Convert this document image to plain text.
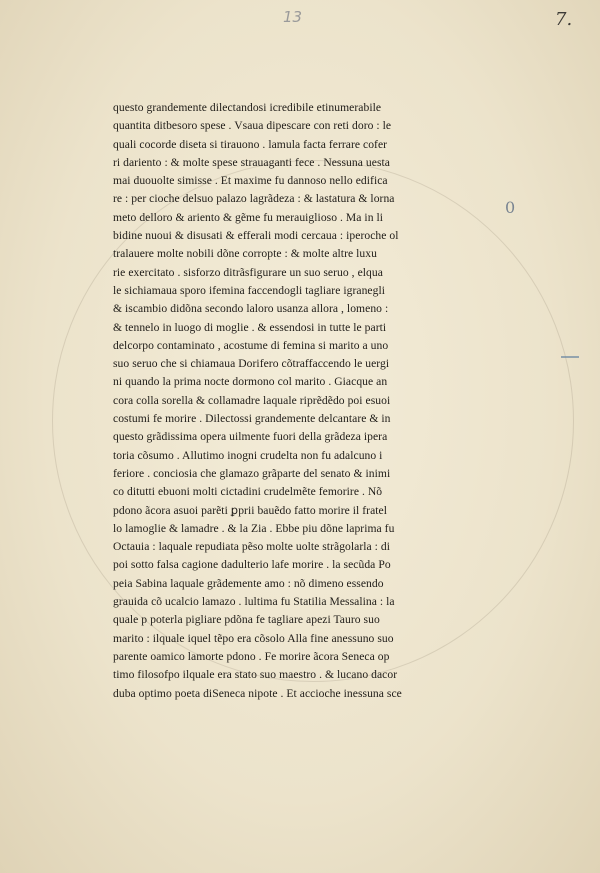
13	7.
0
questo grandemente dilectandosi icredibile etinumerabile
quantita ditbesoro spese . Vsaua dipescare con reti doro : le
quali cocorde diseta si tirauono . lamula facta ferrare cofer
ri dariento : & molte spese strauaganti fece . Nessuna uesta
mai duouolte simisse . Et maxime fu dannoso nello edifica
re : per cioche delsuo palazo lagrãdeza : & lastatura & lorna
meto delloro & ariento & gẽme fu merauiglioso . Ma in li
bidine nuoui & disusati & efferali modi cercaua : iperoche ol
tralauere molte nobili dõne corropte : & molte altre luxu
rie exercitato . sisforzo ditrãsfigurare un suo seruo , elqua
le sichiamaua sporo ifemina faccendogli tagliare igranegli
& iscambio didõna secondo laloro usanza allora , lomeno :
& tennelo in luogo di moglie . & essendosi in tutte le parti
delcorpo contaminato , acostume di femina si marito a uno
suo seruo che si chiamaua Dorifero cõtraffaccendo le uergi
ni quando la prima nocte dormono col marito . Giacque an
cora colla sorella & collamadre laquale riprẽdẽdo poi esuoi
costumi fe morire . Dilectossi grandemente delcantare & in
questo grãdissima opera uilmente fuori della grãdeza ipera
toria cõsumo . Allutimo inogni crudelta non fu adalcuno i
feriore . conciosia che glamazo grãparte del senato & inimi
co ditutti ebuoni molti cictadini crudelmẽte femorire . Nõ
pdono ãcora asuoi parẽti ꝑprii bauẽdo fatto morire il fratel
lo lamoglie & lamadre . & la Zia . Ebbe piu dõne laprima fu
Octauia : laquale repudiata pẽso molte uolte strãgolarla : di
poi sotto falsa cagione dadulterio lafe morire . la secũda Po
peia Sabina laquale grãdemente amo : nõ dimeno essendo
grauida cõ ucalcio lamazo . lultima fu Statilia Messalina : la
quale p poterla pigliare pdõna fe tagliare apezi Tauro suo
marito : ilquale iquel tẽpo era cõsolo Alla fine anessuno suo
parente oamico lamorte pdono . Fe morire ãcora Seneca op
timo filosofpo ilquale era stato suo maestro . & lucano dacor
duba optimo poeta diSeneca nipote . Et accioche inessuna sce
